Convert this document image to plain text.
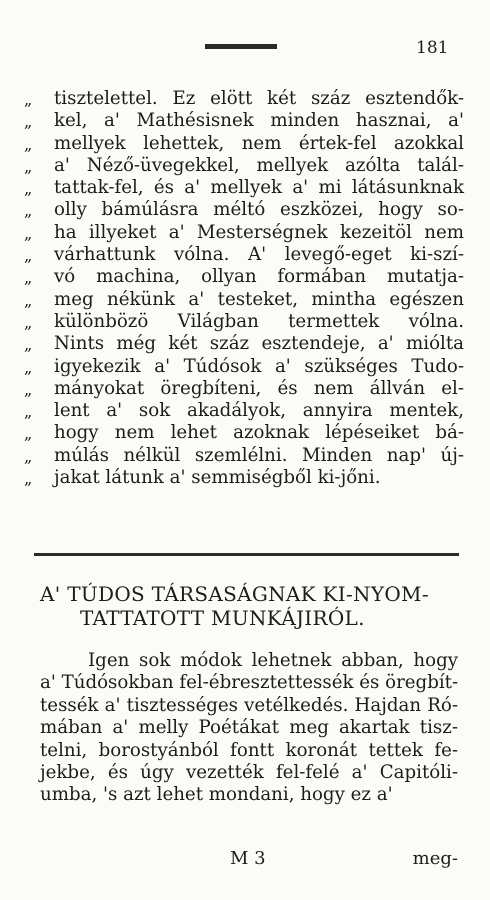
181
„ tisztelettel. Ez elött két száz esztendők-
„ kel, a' Mathésisnek minden hasznai, a'
„ mellyek lehettek, nem értek-fel azokkal
„ a' Néző-üvegekkel, mellyek azólta talál-
„ tattak-fel, és a' mellyek a' mi látásunknak
„ olly bámúlásra méltó eszközei, hogy so-
„ ha illyeket a' Mesterségnek kezeitöl nem
„ várhattunk vólna. A' levegő-eget ki-szí-
„ vó machina, ollyan formában mutatja-
„ meg nékünk a' testeket, mintha egészen
„ különbözö Világban termettek vólna.
„ Nints még két száz esztendeje, a' miólta
„ igyekezik a' Túdósok a' szükséges Tudo-
„ mányokat öregbíteni, és nem állván el-
„ lent a' sok akadályok, annyira mentek,
„ hogy nem lehet azoknak lépéseiket bá-
„ múlás nélkül szemlélni. Minden nap' új-
„ jakat látunk a' semmiségből ki-jőni.
A' TÚDOS TÁRSASÁGNAK KI-NYOM-
TATTATOTT MUNKÁJIRÓL.
Igen sok módok lehetnek abban, hogy
a' Túdósokban fel-ébresztettessék és öregbít-
tessék a' tisztességes vetélkedés. Hajdan Ró-
mában a' melly Poétákat meg akartak tisz-
telni, borostyánból fontt koronát tettek fe-
jekbe, és úgy vezették fel-felé a' Capitóli-
umba, 's azt lehet mondani, hogy ez a'
M 3	meg-
